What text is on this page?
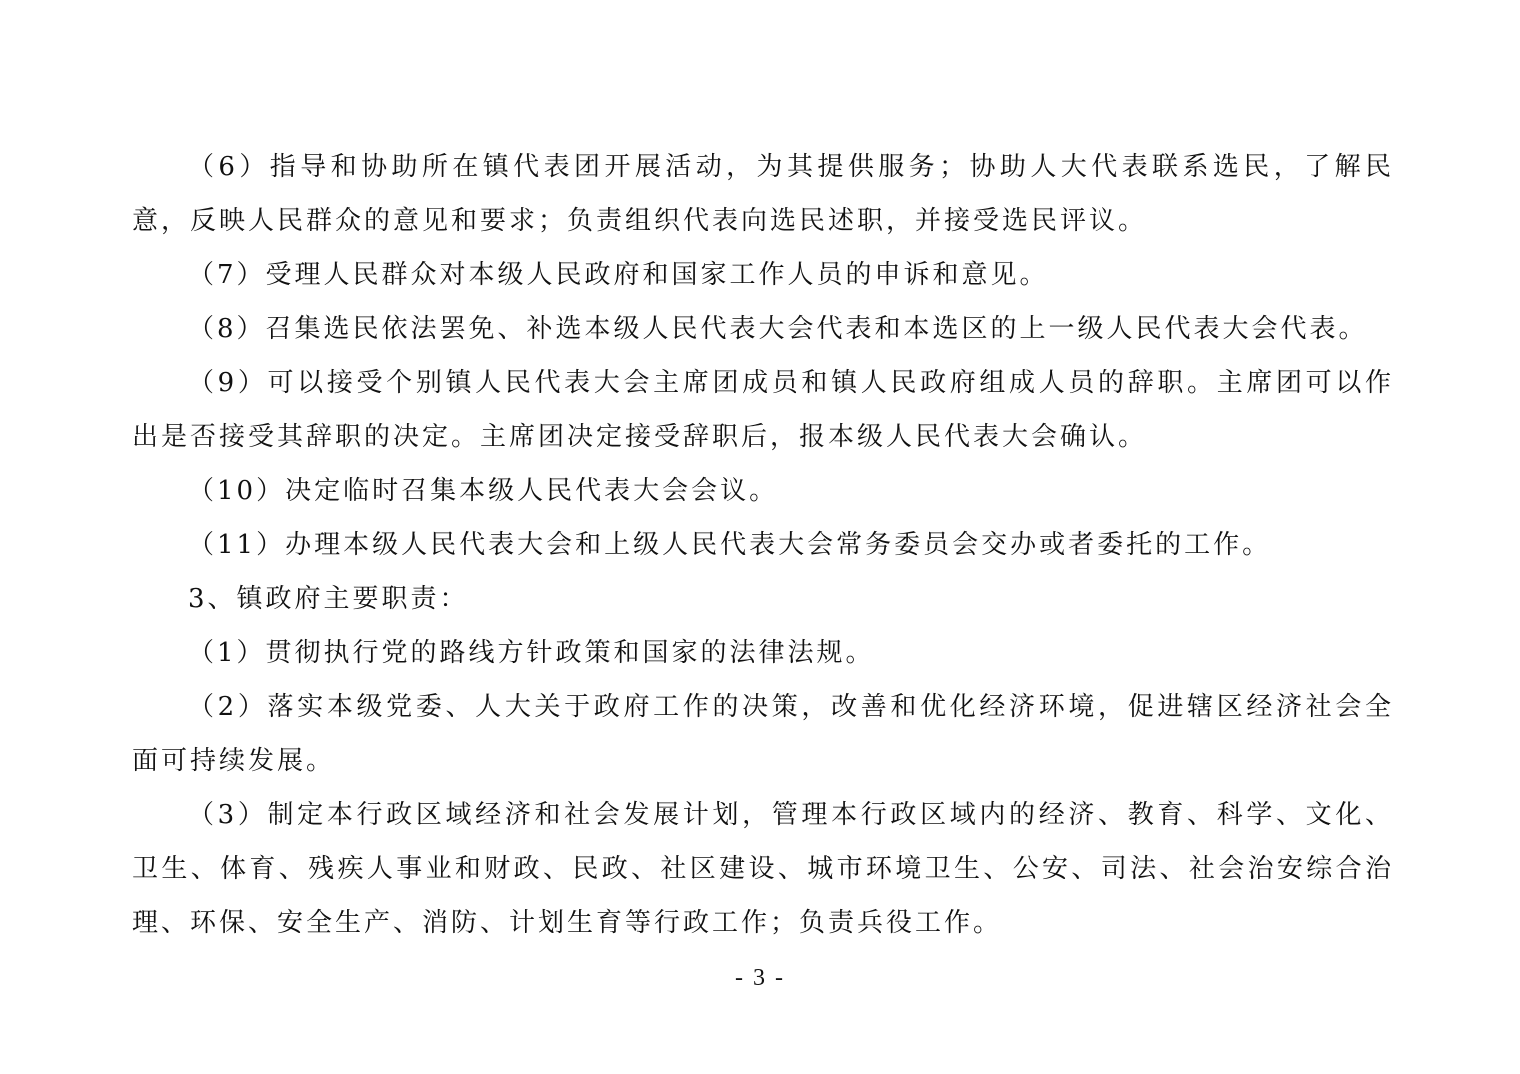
（6）指导和协助所在镇代表团开展活动，为其提供服务；协助人大代表联系选民，了解民意，反映人民群众的意见和要求；负责组织代表向选民述职，并接受选民评议。

（7）受理人民群众对本级人民政府和国家工作人员的申诉和意见。

（8）召集选民依法罢免、补选本级人民代表大会代表和本选区的上一级人民代表大会代表。

（9）可以接受个别镇人民代表大会主席团成员和镇人民政府组成人员的辞职。主席团可以作出是否接受其辞职的决定。主席团决定接受辞职后，报本级人民代表大会确认。

（10）决定临时召集本级人民代表大会会议。

（11）办理本级人民代表大会和上级人民代表大会常务委员会交办或者委托的工作。

3、镇政府主要职责：

（1）贯彻执行党的路线方针政策和国家的法律法规。

（2）落实本级党委、人大关于政府工作的决策，改善和优化经济环境，促进辖区经济社会全面可持续发展。

（3）制定本行政区域经济和社会发展计划，管理本行政区域内的经济、教育、科学、文化、卫生、体育、残疾人事业和财政、民政、社区建设、城市环境卫生、公安、司法、社会治安综合治理、环保、安全生产、消防、计划生育等行政工作；负责兵役工作。

- 3 -
